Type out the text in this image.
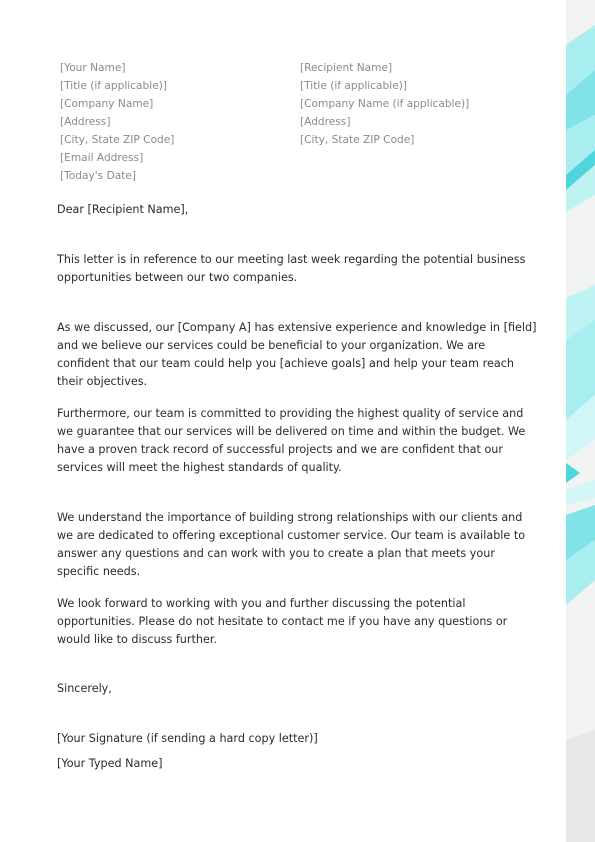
[Your Name]
[Title (if applicable)]
[Company Name]
[Address]
[City, State ZIP Code]
[Email Address]
[Today's Date]
[Recipient Name]
[Title (if applicable)]
[Company Name (if applicable)]
[Address]
[City, State ZIP Code]
Dear [Recipient Name],
This letter is in reference to our meeting last week regarding the potential business opportunities between our two companies.
As we discussed, our [Company A] has extensive experience and knowledge in [field] and we believe our services could be beneficial to your organization. We are confident that our team could help you [achieve goals] and help your team reach their objectives.
Furthermore, our team is committed to providing the highest quality of service and we guarantee that our services will be delivered on time and within the budget. We have a proven track record of successful projects and we are confident that our services will meet the highest standards of quality.
We understand the importance of building strong relationships with our clients and we are dedicated to offering exceptional customer service. Our team is available to answer any questions and can work with you to create a plan that meets your specific needs.
We look forward to working with you and further discussing the potential opportunities. Please do not hesitate to contact me if you have any questions or would like to discuss further.
Sincerely,
[Your Signature (if sending a hard copy letter)]
[Your Typed Name]
